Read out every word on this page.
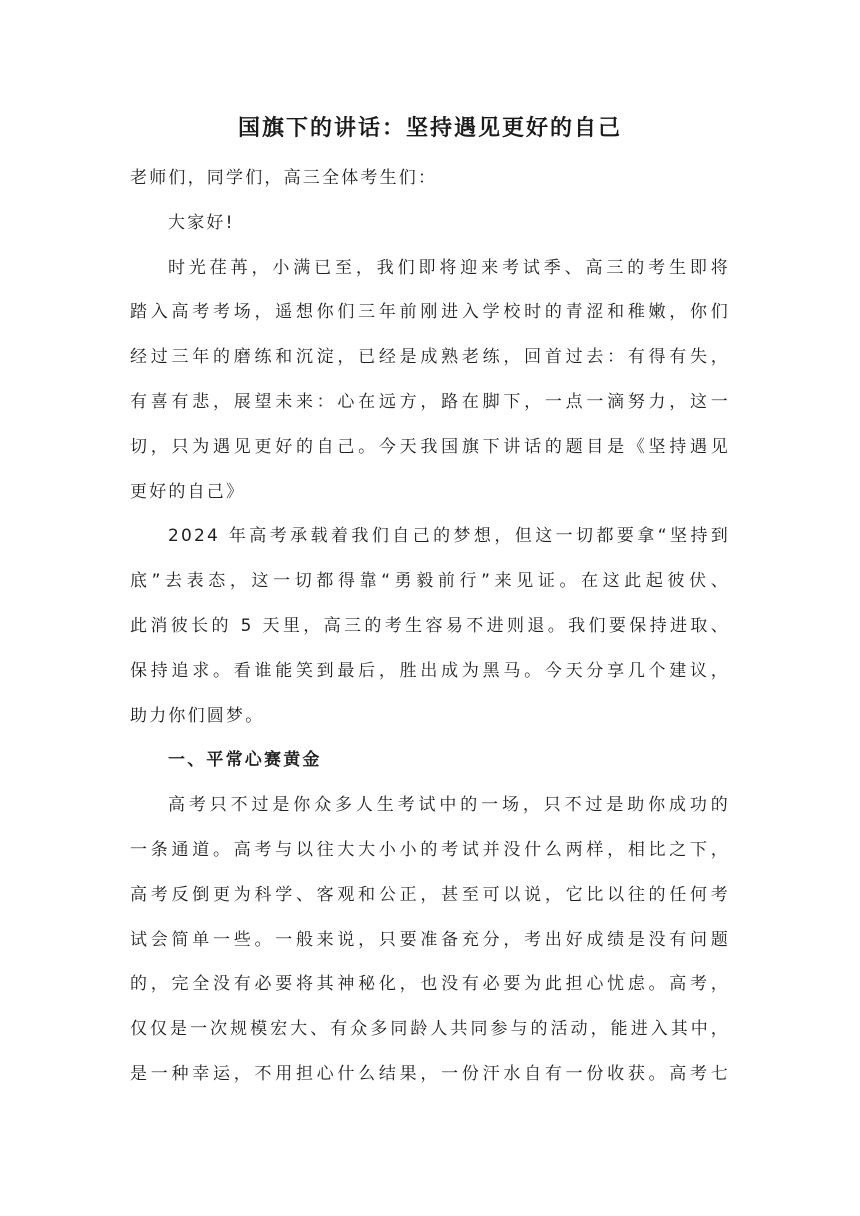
国旗下的讲话：坚持遇见更好的自己
老师们，同学们，高三全体考生们：
大家好!
时光荏苒，小满已至，我们即将迎来考试季、高三的考生即将
踏入高考考场，遥想你们三年前刚进入学校时的青涩和稚嫩，你们
经过三年的磨练和沉淀，已经是成熟老练，回首过去：有得有失，
有喜有悲，展望未来：心在远方，路在脚下，一点一滴努力，这一
切，只为遇见更好的自己。今天我国旗下讲话的题目是《坚持遇见
更好的自己》
2024 年高考承载着我们自己的梦想，但这一切都要拿“坚持到
底”去表态，这一切都得靠“勇毅前行”来见证。在这此起彼伏、
此消彼长的 5 天里，高三的考生容易不进则退。我们要保持进取、
保持追求。看谁能笑到最后，胜出成为黑马。今天分享几个建议，
助力你们圆梦。
一、平常心赛黄金
高考只不过是你众多人生考试中的一场，只不过是助你成功的
一条通道。高考与以往大大小小的考试并没什么两样，相比之下，
高考反倒更为科学、客观和公正，甚至可以说，它比以往的任何考
试会简单一些。一般来说，只要准备充分，考出好成绩是没有问题
的，完全没有必要将其神秘化，也没有必要为此担心忧虑。高考，
仅仅是一次规模宏大、有众多同龄人共同参与的活动，能进入其中，
是一种幸运，不用担心什么结果，一份汗水自有一份收获。高考七
